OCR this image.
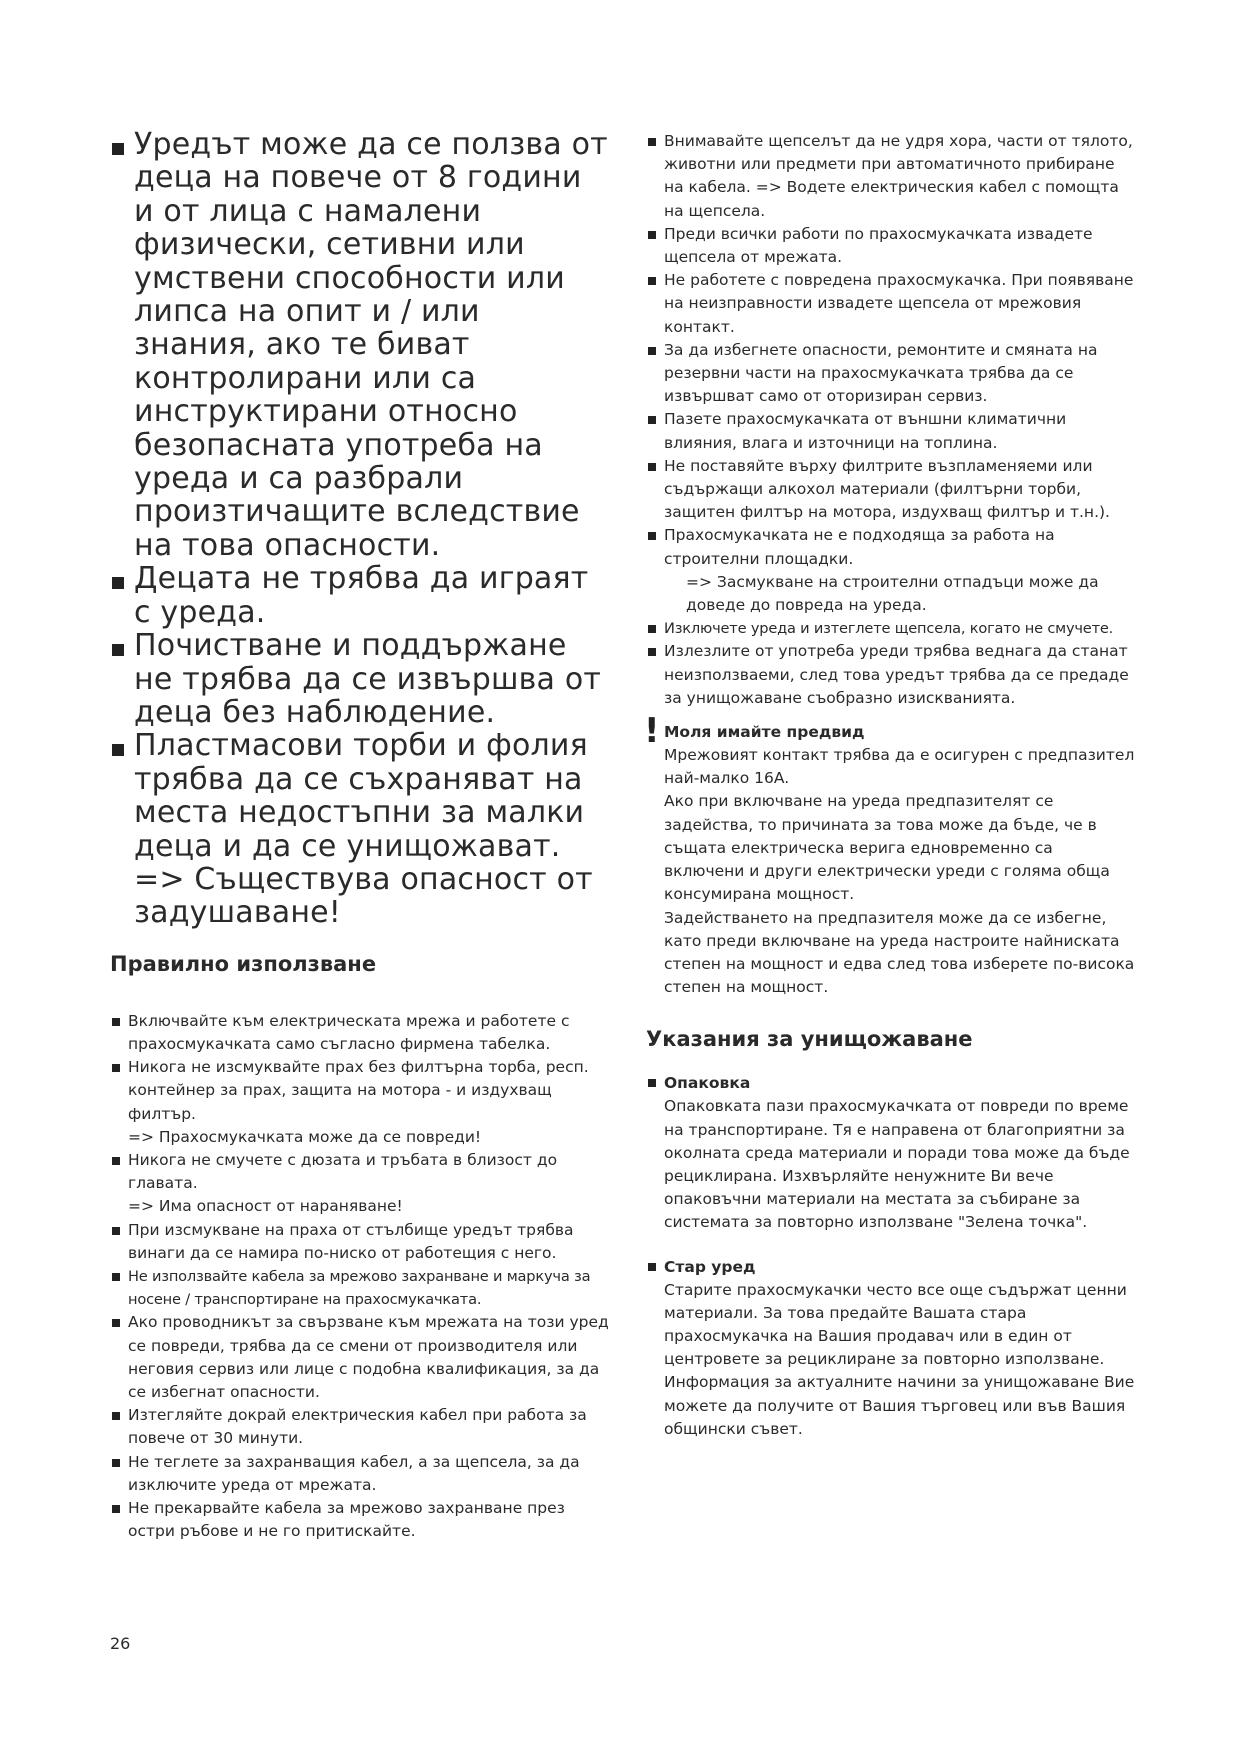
Уредът може да се ползва от деца на повече от 8 години и от лица с намалени физически, сетивни или умствени способности или липса на опит и / или знания, ако те биват контролирани или са инструктирани относно безопасната употреба на уреда и са разбрали произтичащите вследствие на това опасности.
Децата не трябва да играят с уреда.
Почистване и поддържане не трябва да се извършва от деца без наблюдение.
Пластмасови торби и фолия трябва да се съхраняват на места недостъпни за малки деца и да се унищожават.
=> Съществува опасност от задушаване!
Правилно използване
Включвайте към електрическата мрежа и работете с прахосмукачката само съгласно фирмена табелка.
Никога не изсмуквайте прах без филтърна торба, респ. контейнер за прах, защита на мотора - и издухващ филтър.
=> Прахосмукачката може да се повреди!
Никога не смучете с дюзата и тръбата в близост до главата.
=> Има опасност от нараняване!
При изсмукване на праха от стълбище уредът трябва винаги да се намира по-ниско от работещия с него.
Не използвайте кабела за мрежово захранване и маркуча за носене / транспортиране на прахосмукачката.
Ако проводникът за свързване към мрежата на този уред се повреди, трябва да се смени от производителя или неговия сервиз или лице с подобна квалификация, за да се избегнат опасности.
Изтегляйте докрай електрическия кабел при работа за повече от 30 минути.
Не теглете за захранващия кабел, а за щепсела, за да изключите уреда от мрежата.
Не прекарвайте кабела за мрежово захранване през остри ръбове и не го притискайте.
Внимавайте щепселът да не удря хора, части от тялото, животни или предмети при автоматичното прибиране на кабела. => Водете електрическия кабел с помощта на щепсела.
Преди всички работи по прахосмукачката извадете щепсела от мрежата.
Не работете с повредена прахосмукачка. При появяване на неизправности извадете щепсела от мрежовия контакт.
За да избегнете опасности, ремонтите и смяната на резервни части на прахосмукачката трябва да се извършват само от оторизиран сервиз.
Пазете прахосмукачката от външни климатични влияния, влага и източници на топлина.
Не поставяйте върху филтрите възпламеняеми или съдържащи алкохол материали (филтърни торби, защитен филтър на мотора, издухващ филтър и т.н.).
Прахосмукачката не е подходяща за работа на строителни площадки.
=> Засмукване на строителни отпадъци може да доведе до повреда на уреда.
Изключете уреда и изтеглете щепсела, когато не смучете.
Излезлите от употреба уреди трябва веднага да станат неизползваеми, след това уредът трябва да се предаде за унищожаване съобразно изискванията.
! Моля имайте предвид

Мрежовият контакт трябва да е осигурен с предпазител най-малко 16A.

Ако при включване на уреда предпазителят се задейства, то причината за това може да бъде, че в същата електрическа верига едновременно са включени и други електрически уреди с голяма обща консумирана мощност.

Задействането на предпазителя може да се избегне, като преди включване на уреда настроите найниската степен на мощност и едва след това изберете по-висока степен на мощност.

Указания за унищожаване
Опаковка

Опаковката пази прахосмукачката от повреди по време на транспортиране. Тя е направена от благоприятни за околната среда материали и поради това може да бъде рециклирана. Изхвърляйте ненужните Ви вече опаковъчни материали на местата за събиране за системата за повторно използване "Зелена точка".

Стар уред

Старите прахосмукачки често все още съдържат ценни материали. За това предайте Вашата стара прахосмукачка на Вашия продавач или в един от центровете за рециклиране за повторно използване. Информация за актуалните начини за унищожаване Вие можете да получите от Вашия търговец или във Вашия общински съвет.

26
